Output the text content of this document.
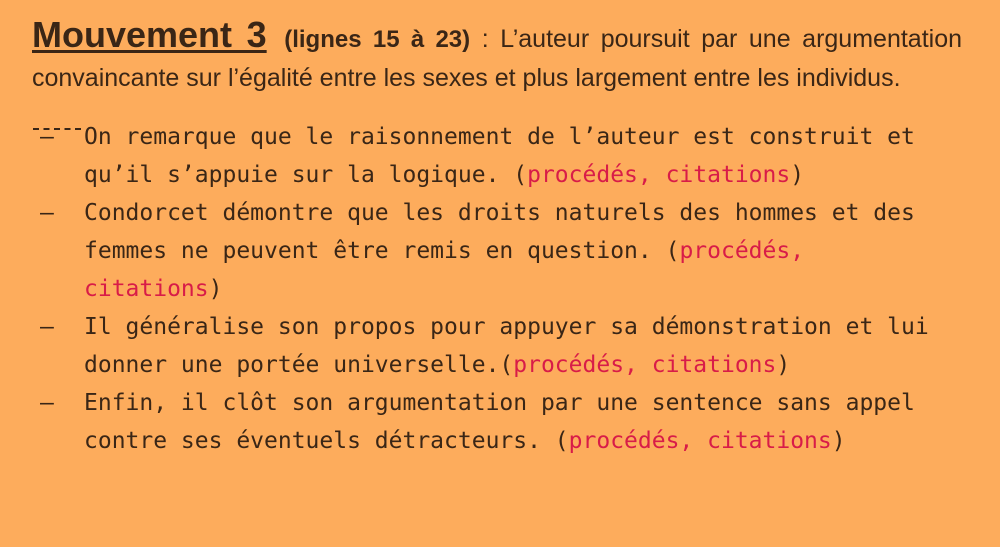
Mouvement 3 (lignes 15 à 23) : L’auteur poursuit par une argumentation convaincante sur l’égalité entre les sexes et plus largement entre les individus.
– On remarque que le raisonnement de l’auteur est construit et qu’il s’appuie sur la logique. (procédés, citations)
– Condorcet démontre que les droits naturels des hommes et des femmes ne peuvent être remis en question. (procédés, citations)
– Il généralise son propos pour appuyer sa démonstration et lui donner une portée universelle.(procédés, citations)
– Enfin, il clôt son argumentation par une sentence sans appel contre ses éventuels détracteurs. (procédés, citations)
